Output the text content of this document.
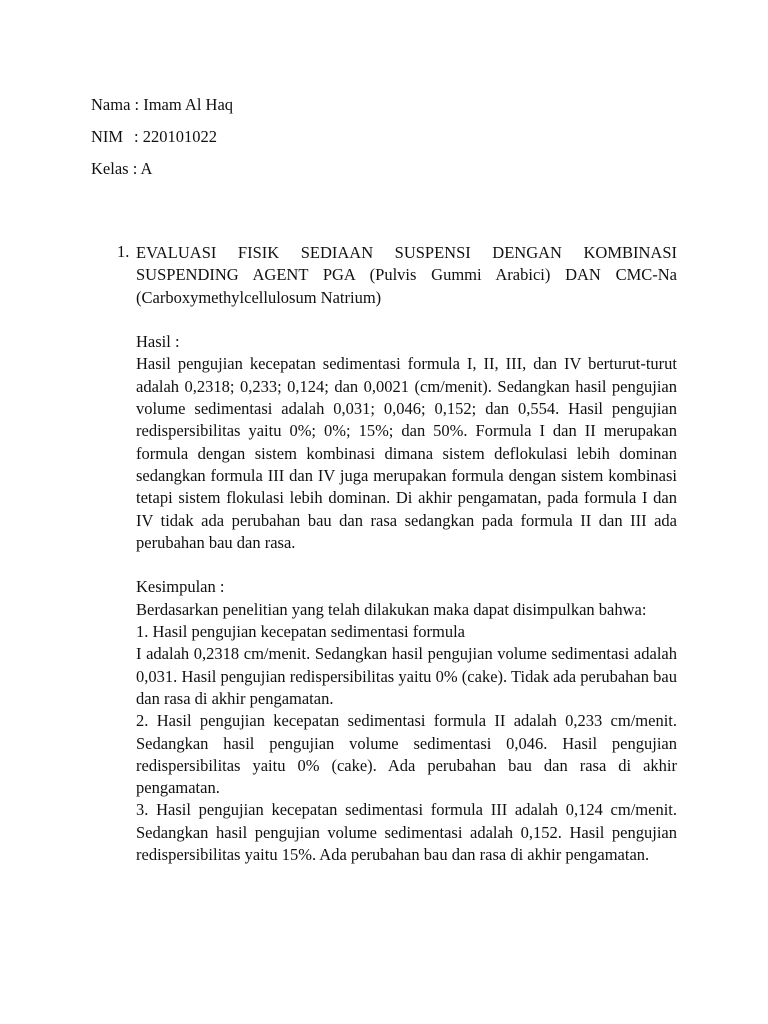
Nama : Imam Al Haq
NIM : 220101022
Kelas : A
1. EVALUASI FISIK SEDIAAN SUSPENSI DENGAN KOMBINASI

SUSPENDING AGENT PGA (Pulvis Gummi Arabici) DAN CMC-Na

(Carboxymethylcellulosum Natrium)

Hasil :

Hasil pengujian kecepatan sedimentasi formula I, II, III, dan IV berturut-turut adalah 0,2318; 0,233; 0,124; dan 0,0021 (cm/menit). Sedangkan hasil pengujian volume sedimentasi adalah 0,031; 0,046; 0,152; dan 0,554. Hasil pengujian redispersibilitas yaitu 0%; 0%; 15%; dan 50%. Formula I dan II merupakan formula dengan sistem kombinasi dimana sistem deflokulasi lebih dominan sedangkan formula III dan IV juga merupakan formula dengan sistem kombinasi tetapi sistem flokulasi lebih dominan. Di akhir pengamatan, pada formula I dan IV tidak ada perubahan bau dan rasa sedangkan pada formula II dan III ada perubahan bau dan rasa.

Kesimpulan :

Berdasarkan penelitian yang telah dilakukan maka dapat disimpulkan bahwa:

1. Hasil pengujian kecepatan sedimentasi formula

I adalah 0,2318 cm/menit. Sedangkan hasil pengujian volume sedimentasi adalah 0,031. Hasil pengujian redispersibilitas yaitu 0% (cake). Tidak ada perubahan bau dan rasa di akhir pengamatan.

2. Hasil pengujian kecepatan sedimentasi formula II adalah 0,233 cm/menit. Sedangkan hasil pengujian volume sedimentasi 0,046. Hasil pengujian redispersibilitas yaitu 0% (cake). Ada perubahan bau dan rasa di akhir pengamatan.

3. Hasil pengujian kecepatan sedimentasi formula III adalah 0,124 cm/menit. Sedangkan hasil pengujian volume sedimentasi adalah 0,152. Hasil pengujian redispersibilitas yaitu 15%. Ada perubahan bau dan rasa di akhir pengamatan.
